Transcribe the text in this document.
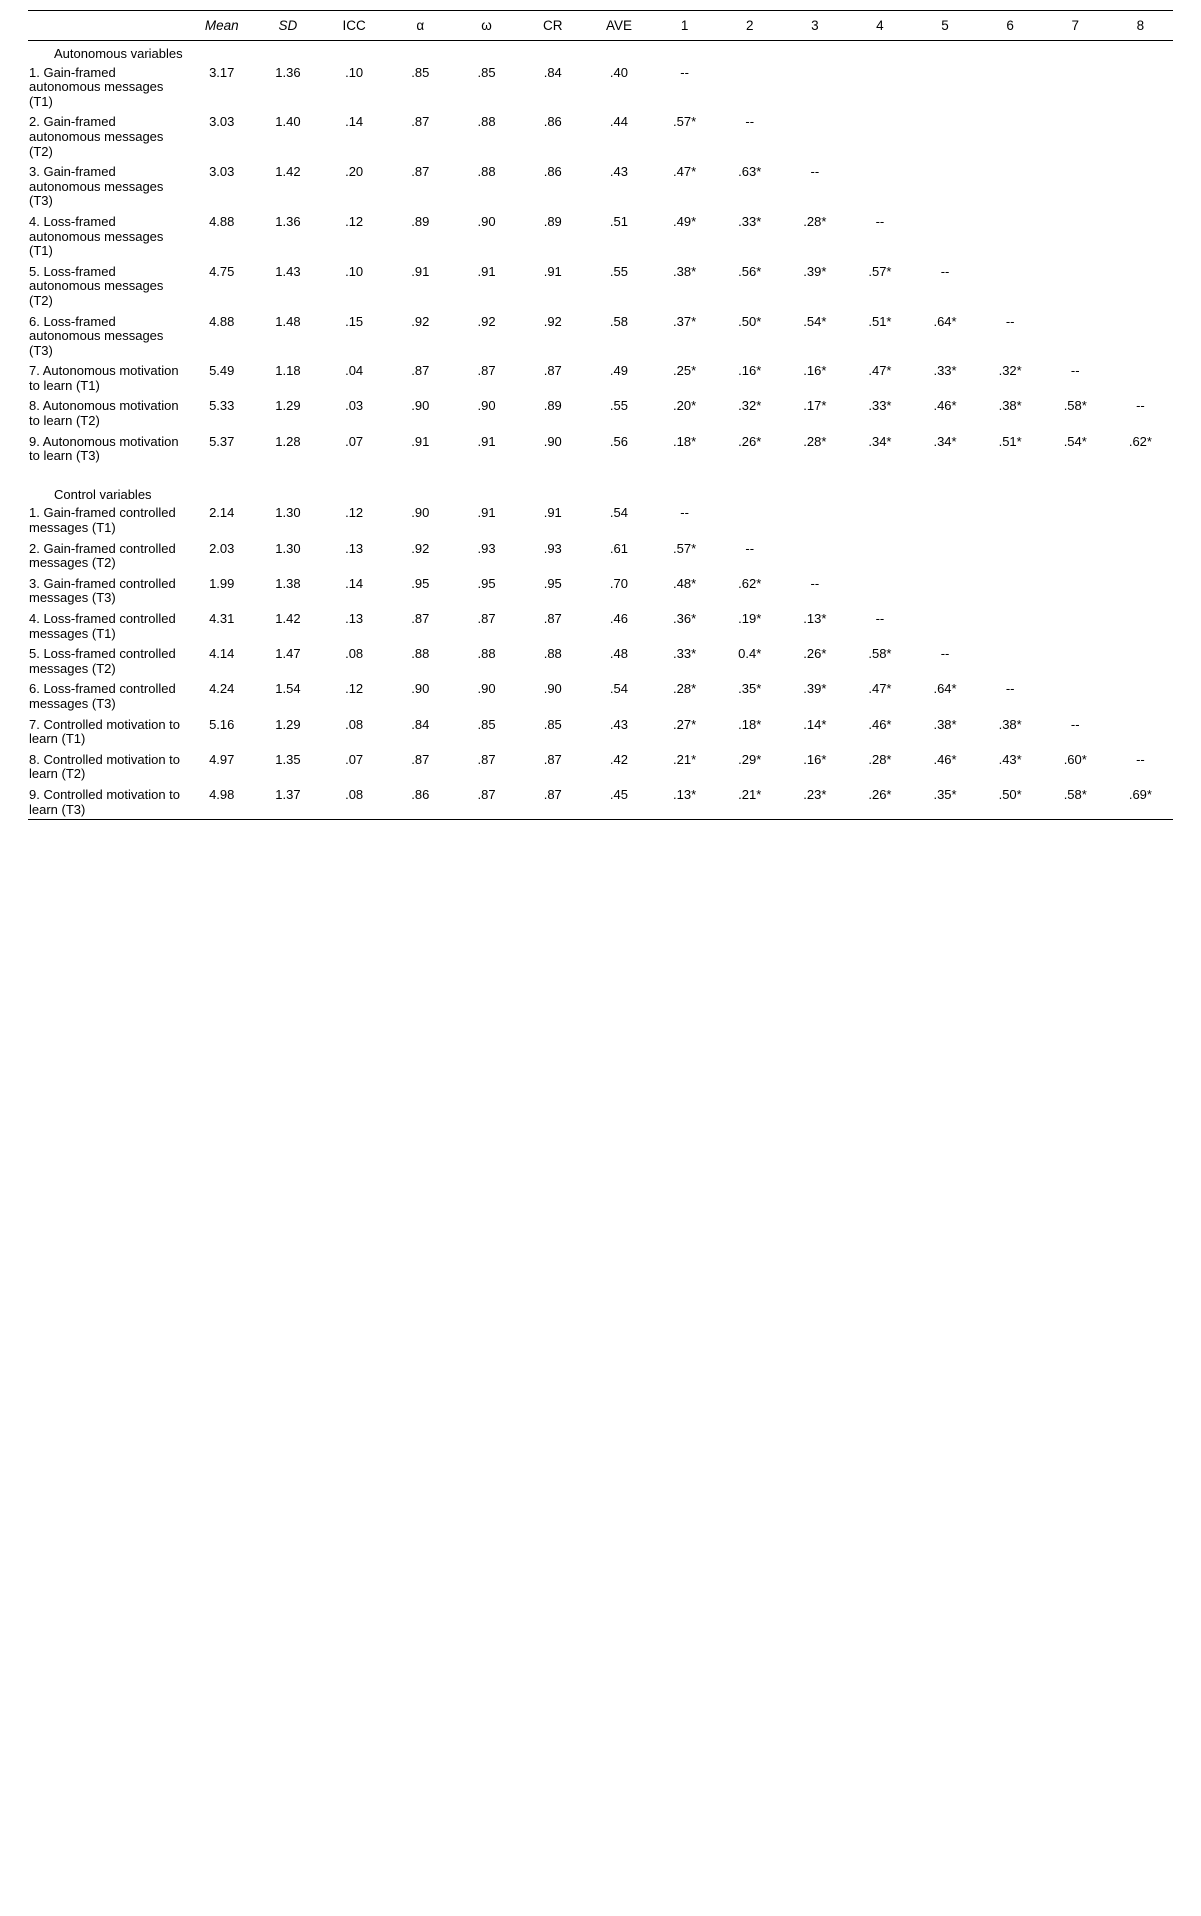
	Mean	SD	ICC	α	ω	CR	AVE	1	2	3	4	5	6	7	8
Autonomous variables															
1. Gain-framed autonomous messages (T1)	3.17	1.36	.10	.85	.85	.84	.40	--							
2. Gain-framed autonomous messages (T2)	3.03	1.40	.14	.87	.88	.86	.44	.57*	--						
3. Gain-framed autonomous messages (T3)	3.03	1.42	.20	.87	.88	.86	.43	.47*	.63*	--					
4. Loss-framed autonomous messages (T1)	4.88	1.36	.12	.89	.90	.89	.51	.49*	.33*	.28*	--				
5. Loss-framed autonomous messages (T2)	4.75	1.43	.10	.91	.91	.91	.55	.38*	.56*	.39*	.57*	--			
6. Loss-framed autonomous messages (T3)	4.88	1.48	.15	.92	.92	.92	.58	.37*	.50*	.54*	.51*	.64*	--		
7. Autonomous motivation to learn (T1)	5.49	1.18	.04	.87	.87	.87	.49	.25*	.16*	.16*	.47*	.33*	.32*	--	
8. Autonomous motivation to learn (T2)	5.33	1.29	.03	.90	.90	.89	.55	.20*	.32*	.17*	.33*	.46*	.38*	.58*	--
9. Autonomous motivation to learn (T3)	5.37	1.28	.07	.91	.91	.90	.56	.18*	.26*	.28*	.34*	.34*	.51*	.54*	.62*

Control variables															
1. Gain-framed controlled messages (T1)	2.14	1.30	.12	.90	.91	.91	.54	--							
2. Gain-framed controlled messages (T2)	2.03	1.30	.13	.92	.93	.93	.61	.57*	--						
3. Gain-framed controlled messages (T3)	1.99	1.38	.14	.95	.95	.95	.70	.48*	.62*	--					
4. Loss-framed controlled messages (T1)	4.31	1.42	.13	.87	.87	.87	.46	.36*	.19*	.13*	--				
5. Loss-framed controlled messages (T2)	4.14	1.47	.08	.88	.88	.88	.48	.33*	0.4*	.26*	.58*	--			
6. Loss-framed controlled messages (T3)	4.24	1.54	.12	.90	.90	.90	.54	.28*	.35*	.39*	.47*	.64*	--		
7. Controlled motivation to learn (T1)	5.16	1.29	.08	.84	.85	.85	.43	.27*	.18*	.14*	.46*	.38*	.38*	--	
8. Controlled motivation to learn (T2)	4.97	1.35	.07	.87	.87	.87	.42	.21*	.29*	.16*	.28*	.46*	.43*	.60*	--
9. Controlled motivation to learn (T3)	4.98	1.37	.08	.86	.87	.87	.45	.13*	.21*	.23*	.26*	.35*	.50*	.58*	.69*
